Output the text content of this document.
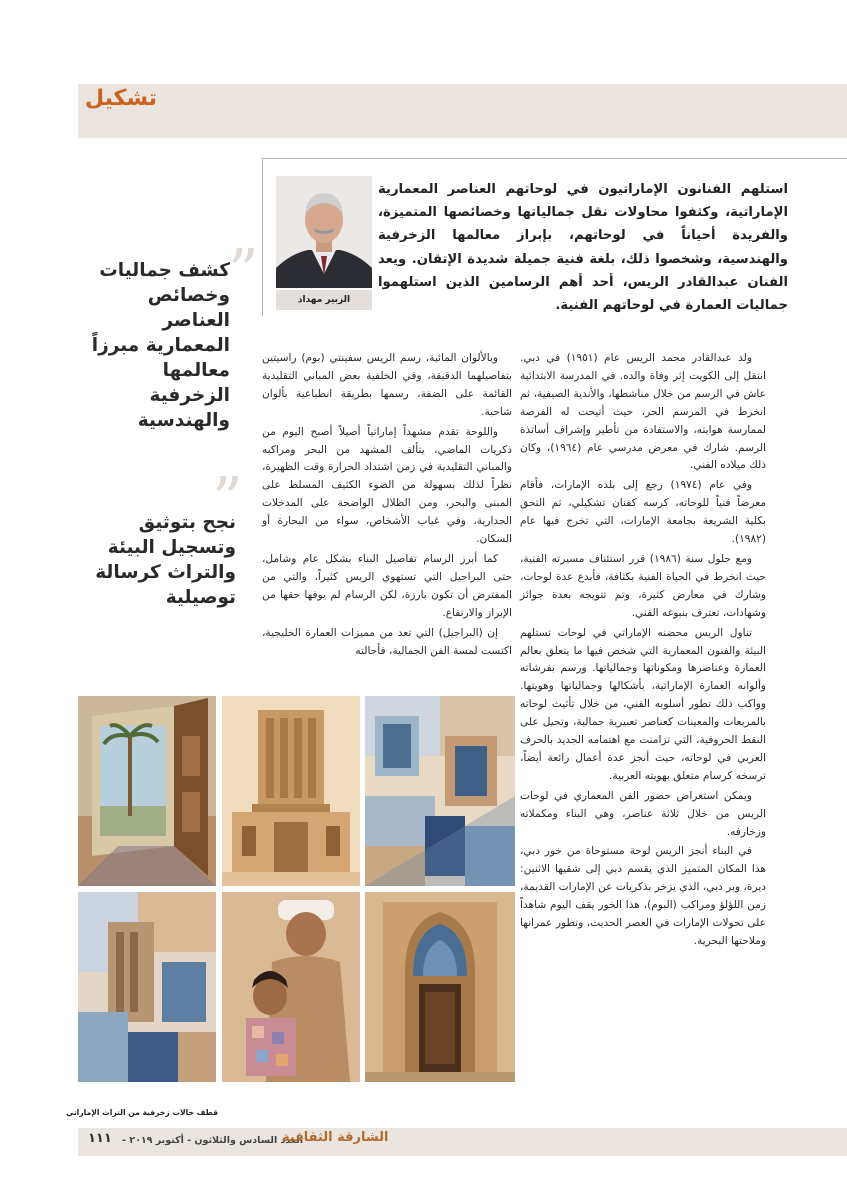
تشكيل
استلهم الفنانون الإماراتيون في لوحاتهم العناصر المعمارية الإماراتية، وكثفوا محاولات نقل جمالياتها وخصائصها المتميزة، والفريدة أحياناً في لوحاتهم، بإبراز معالمها الزخرفية والهندسية، وشخصوا ذلك، بلغة فنية جميلة شديدة الإتقان. ويعد الفنان عبدالقادر الريس، أحد أهم الرسامين الذين استلهموا جماليات العمارة في لوحاتهم الفنية.
الزبير مهداد
”
كشف جماليات وخصائص العناصر المعمارية مبرزاً معالمها الزخرفية والهندسية
”
نجح بتوثيق وتسجيل البيئة والتراث كرسالة توصيلية

ولد عبدالقادر محمد الريس عام (١٩٥١) في دبي. انتقل إلى الكويت إثر وفاة والده. في المدرسة الابتدائية عاش في الرسم من خلال مناشطها، والأندية الصيفية، ثم انخرط في المرسم الحر، حيث أتيحت له الفرصة لممارسة هوايته، والاستفادة من تأطير وإشراف أساتذة الرسم. شارك في معرض مدرسي عام (١٩٦٤)، وكان ذلك ميلاده الفني.

وفي عام (١٩٧٤) رجع إلى بلده الإمارات، فأقام معرضاً فنياً للوحاته، كرسه كفنان تشكيلي، ثم التحق بكلية الشريعة بجامعة الإمارات، التي تخرج فيها عام (١٩٨٢).

ومع حلول سنة (١٩٨٦) قرر استئناف مسيرته الفنية، حيث انخرط في الحياة الفنية بكثافة، فأبدع عدة لوحات، وشارك في معارض كثيرة، وتم تتويجه بعدة جوائز وشهادات، تعترف بنبوغه الفني.

تناول الريس محضنه الإماراتي في لوحات تستلهم البيئة والفنون المعمارية التي شخص فيها ما يتعلق بعالم العمارة وعناصرها ومكوناتها وجمالياتها. ورسم بفرشاته وألوانه العمارة الإماراتية، بأشكالها وجمالياتها وهويتها. وواكب ذلك تطور أسلوبه الفني، من خلال تأثيث لوحاته بالمربعات والمعينات كعناصر تعبيرية جمالية، وتحيل على النقط الحروفية، التي تزامنت مع اهتمامه الجديد بالحرف العربي في لوحاته، حيث أنجز عدة أعمال رائعة أيضاً، ترسخه كرسام متعلق بهويته العربية.

ويمكن استعراض حضور الفن المعماري في لوحات الريس من خلال ثلاثة عناصر، وهي البناء ومكملاته وزخارفه.

في البناء أنجز الريس لوحة مستوحاة من خور دبي، هذا المكان المتميز الذي يقسم دبي إلى شقيها الاثنين: ديرة، وبر دبي، الذي يزخر بذكريات عن الإمارات القديمة، زمن اللؤلؤ ومراكب (البوم)، هذا الخور يقف اليوم شاهداً على تحولات الإمارات في العصر الحديث، وتطور عمرانها وملاحتها البحرية.

وبالألوان المائية، رسم الريس سفينتي (بوم) راسيتين بتفاصيلهما الدقيقة، وفي الخلفية بعض المباني التقليدية القائمة على الضفة، رسمها بطريقة انطباعية بألوان شاحبة.

واللوحة تقدم مشهداً إماراتياً أصيلاً أصبح اليوم من ذكريات الماضي، يتألف المشهد من البحر ومراكبه والمباني التقليدية في زمن اشتداد الحرارة وقت الظهيرة، نظراً لذلك بسهولة من الضوء الكثيف المسلط على المبنى والبحر، ومن الظلال الواضحة على المدخلات الجدارية، وفي غياب الأشخاص، سواء من البحارة أو السكان.

كما أبرز الرسام تفاصيل البناء بشكل عام وشامل، حتى البراجيل التي تستهوي الريس كثيراً، والتي من المفترض أن تكون بارزة، لكن الرسام لم يوفها حقها من الإبراز والارتفاع.

إن (البراجيل) التي تعد من مميزات العمارة الخليجية، اكتست لمسة الفن الجمالية، فأحالته

قطف حالات زخرفية من التراث الإماراتي
١١١ العدد السادس والثلاثون - أكتوبر ٢٠١٩ -
الشارقة الثقافية
